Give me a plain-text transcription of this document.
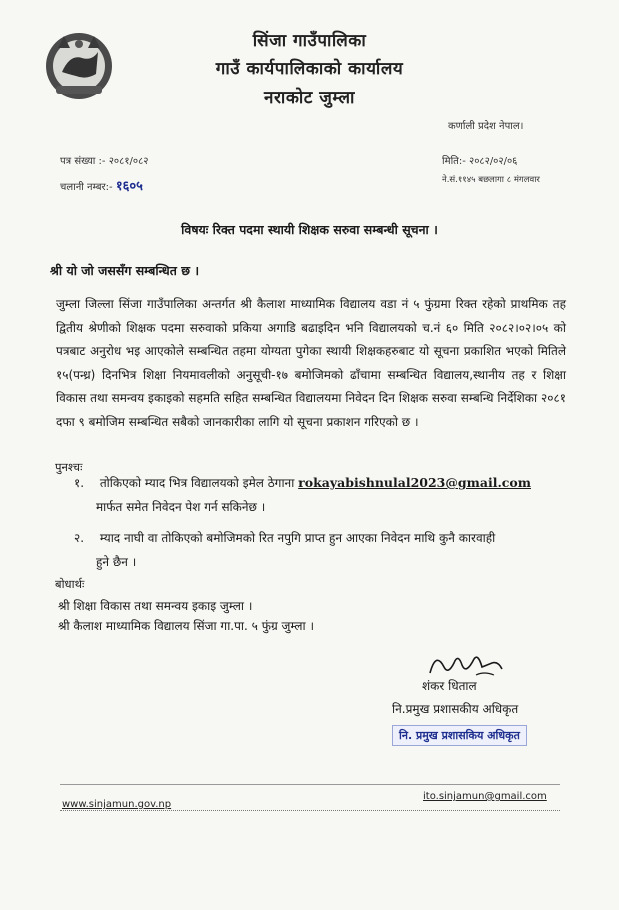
सिंजा गाउँपालिका
गाउँ कार्यपालिकाको कार्यालय
नराकोट जुम्ला
कर्णाली प्रदेश नेपाल।
पत्र संख्या :- २०८१/०८२
चलानी नम्बर:- १६०५
मिति:- २०८२/०२/०६
ने.सं.११४५ बछलागा ८ मंगलवार
विषयः रिक्त पदमा स्थायी शिक्षक सरुवा सम्बन्धी सूचना ।
श्री यो जो जससँग सम्बन्धित छ ।
जुम्ला जिल्ला सिंजा गाउँपालिका अन्तर्गत श्री कैलाश माध्यामिक विद्यालय वडा नं ५ फुंग्रमा रिक्त रहेको प्राथमिक तह द्वितीय श्रेणीको शिक्षक पदमा सरुवाको प्रकिया अगाडि बढाइदिन भनि विद्यालयको च.नं ६० मिति २०८२।०२।०५ को पत्रबाट अनुरोध भइ आएकोले सम्बन्धित तहमा योग्यता पुगेका स्थायी शिक्षकहरुबाट यो सूचना प्रकाशित भएको मितिले १५(पन्ध्र) दिनभित्र शिक्षा नियमावलीको अनुसूची-१७ बमोजिमको ढाँचामा सम्बन्धित विद्यालय,स्थानीय तह र शिक्षा विकास तथा समन्वय इकाइको सहमति सहित सम्बन्धित विद्यालयमा निवेदन दिन शिक्षक सरुवा सम्बन्धि निर्देशिका २०८१ दफा ९ बमोजिम सम्बन्धित सबैको जानकारीका लागि यो सूचना प्रकाशन गरिएको छ ।
पुनश्चः
१. तोकिएको म्याद भित्र विद्यालयको इमेल ठेगाना rokayabishnulal2023@gmail.com
मार्फत समेत निवेदन पेश गर्न सकिनेछ ।
२. म्याद नाघी वा तोकिएको बमोजिमको रित नपुगि प्राप्त हुन आएका निवेदन माथि कुनै कारवाही
हुने छैन ।
बोधार्थः
श्री शिक्षा विकास तथा समन्वय इकाइ जुम्ला ।
श्री कैलाश माध्यामिक विद्यालय सिंजा गा.पा. ५ फुंग्र जुम्ला ।
शंकर धिताल
नि.प्रमुख प्रशासकीय अधिकृत
नि. प्रमुख प्रशासकिय अधिकृत
www.sinjamun.gov.np
ito.sinjamun@gmail.com
